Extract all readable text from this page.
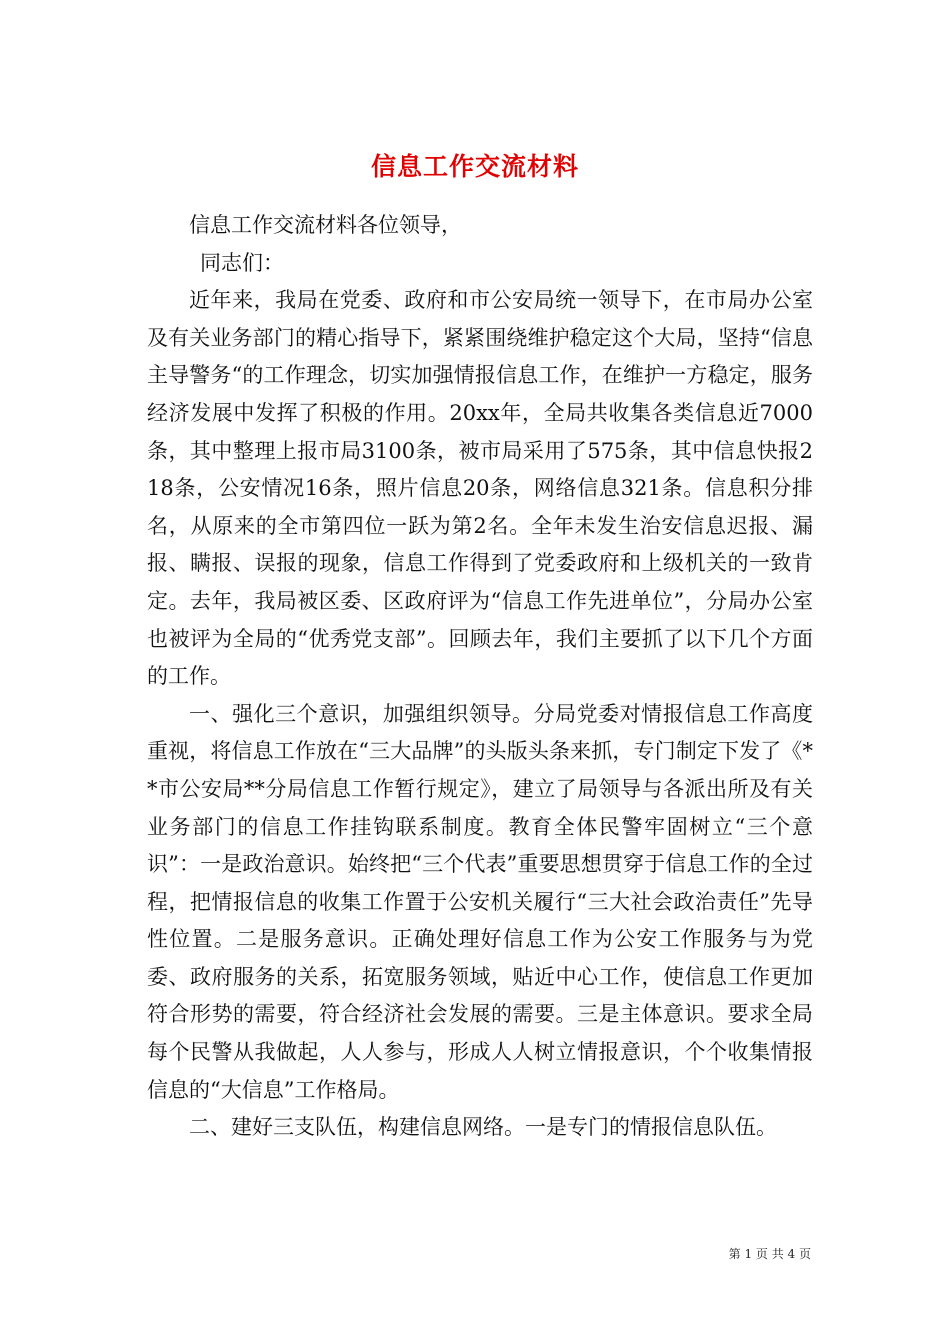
信息工作交流材料

信息工作交流材料各位领导，

同志们：

近年来，我局在党委、政府和市公安局统一领导下，在市局办公室及有关业务部门的精心指导下，紧紧围绕维护稳定这个大局，坚持“信息主导警务“的工作理念，切实加强情报信息工作，在维护一方稳定，服务经济发展中发挥了积极的作用。20xx年，全局共收集各类信息近7000条，其中整理上报市局3100条，被市局采用了575条，其中信息快报218条，公安情况16条，照片信息20条，网络信息321条。信息积分排名，从原来的全市第四位一跃为第2名。全年未发生治安信息迟报、漏报、瞒报、误报的现象，信息工作得到了党委政府和上级机关的一致肯定。去年，我局被区委、区政府评为“信息工作先进单位”，分局办公室也被评为全局的“优秀党支部”。回顾去年，我们主要抓了以下几个方面的工作。

一、强化三个意识，加强组织领导。分局党委对情报信息工作高度重视，将信息工作放在“三大品牌”的头版头条来抓，专门制定下发了《**市公安局**分局信息工作暂行规定》，建立了局领导与各派出所及有关业务部门的信息工作挂钩联系制度。教育全体民警牢固树立“三个意识”：一是政治意识。始终把“三个代表”重要思想贯穿于信息工作的全过程，把情报信息的收集工作置于公安机关履行“三大社会政治责任”先导性位置。二是服务意识。正确处理好信息工作为公安工作服务与为党委、政府服务的关系，拓宽服务领域，贴近中心工作，使信息工作更加符合形势的需要，符合经济社会发展的需要。三是主体意识。要求全局每个民警从我做起，人人参与，形成人人树立情报意识，个个收集情报信息的“大信息”工作格局。

二、建好三支队伍，构建信息网络。一是专门的情报信息队伍。

第 1 页 共 4 页
